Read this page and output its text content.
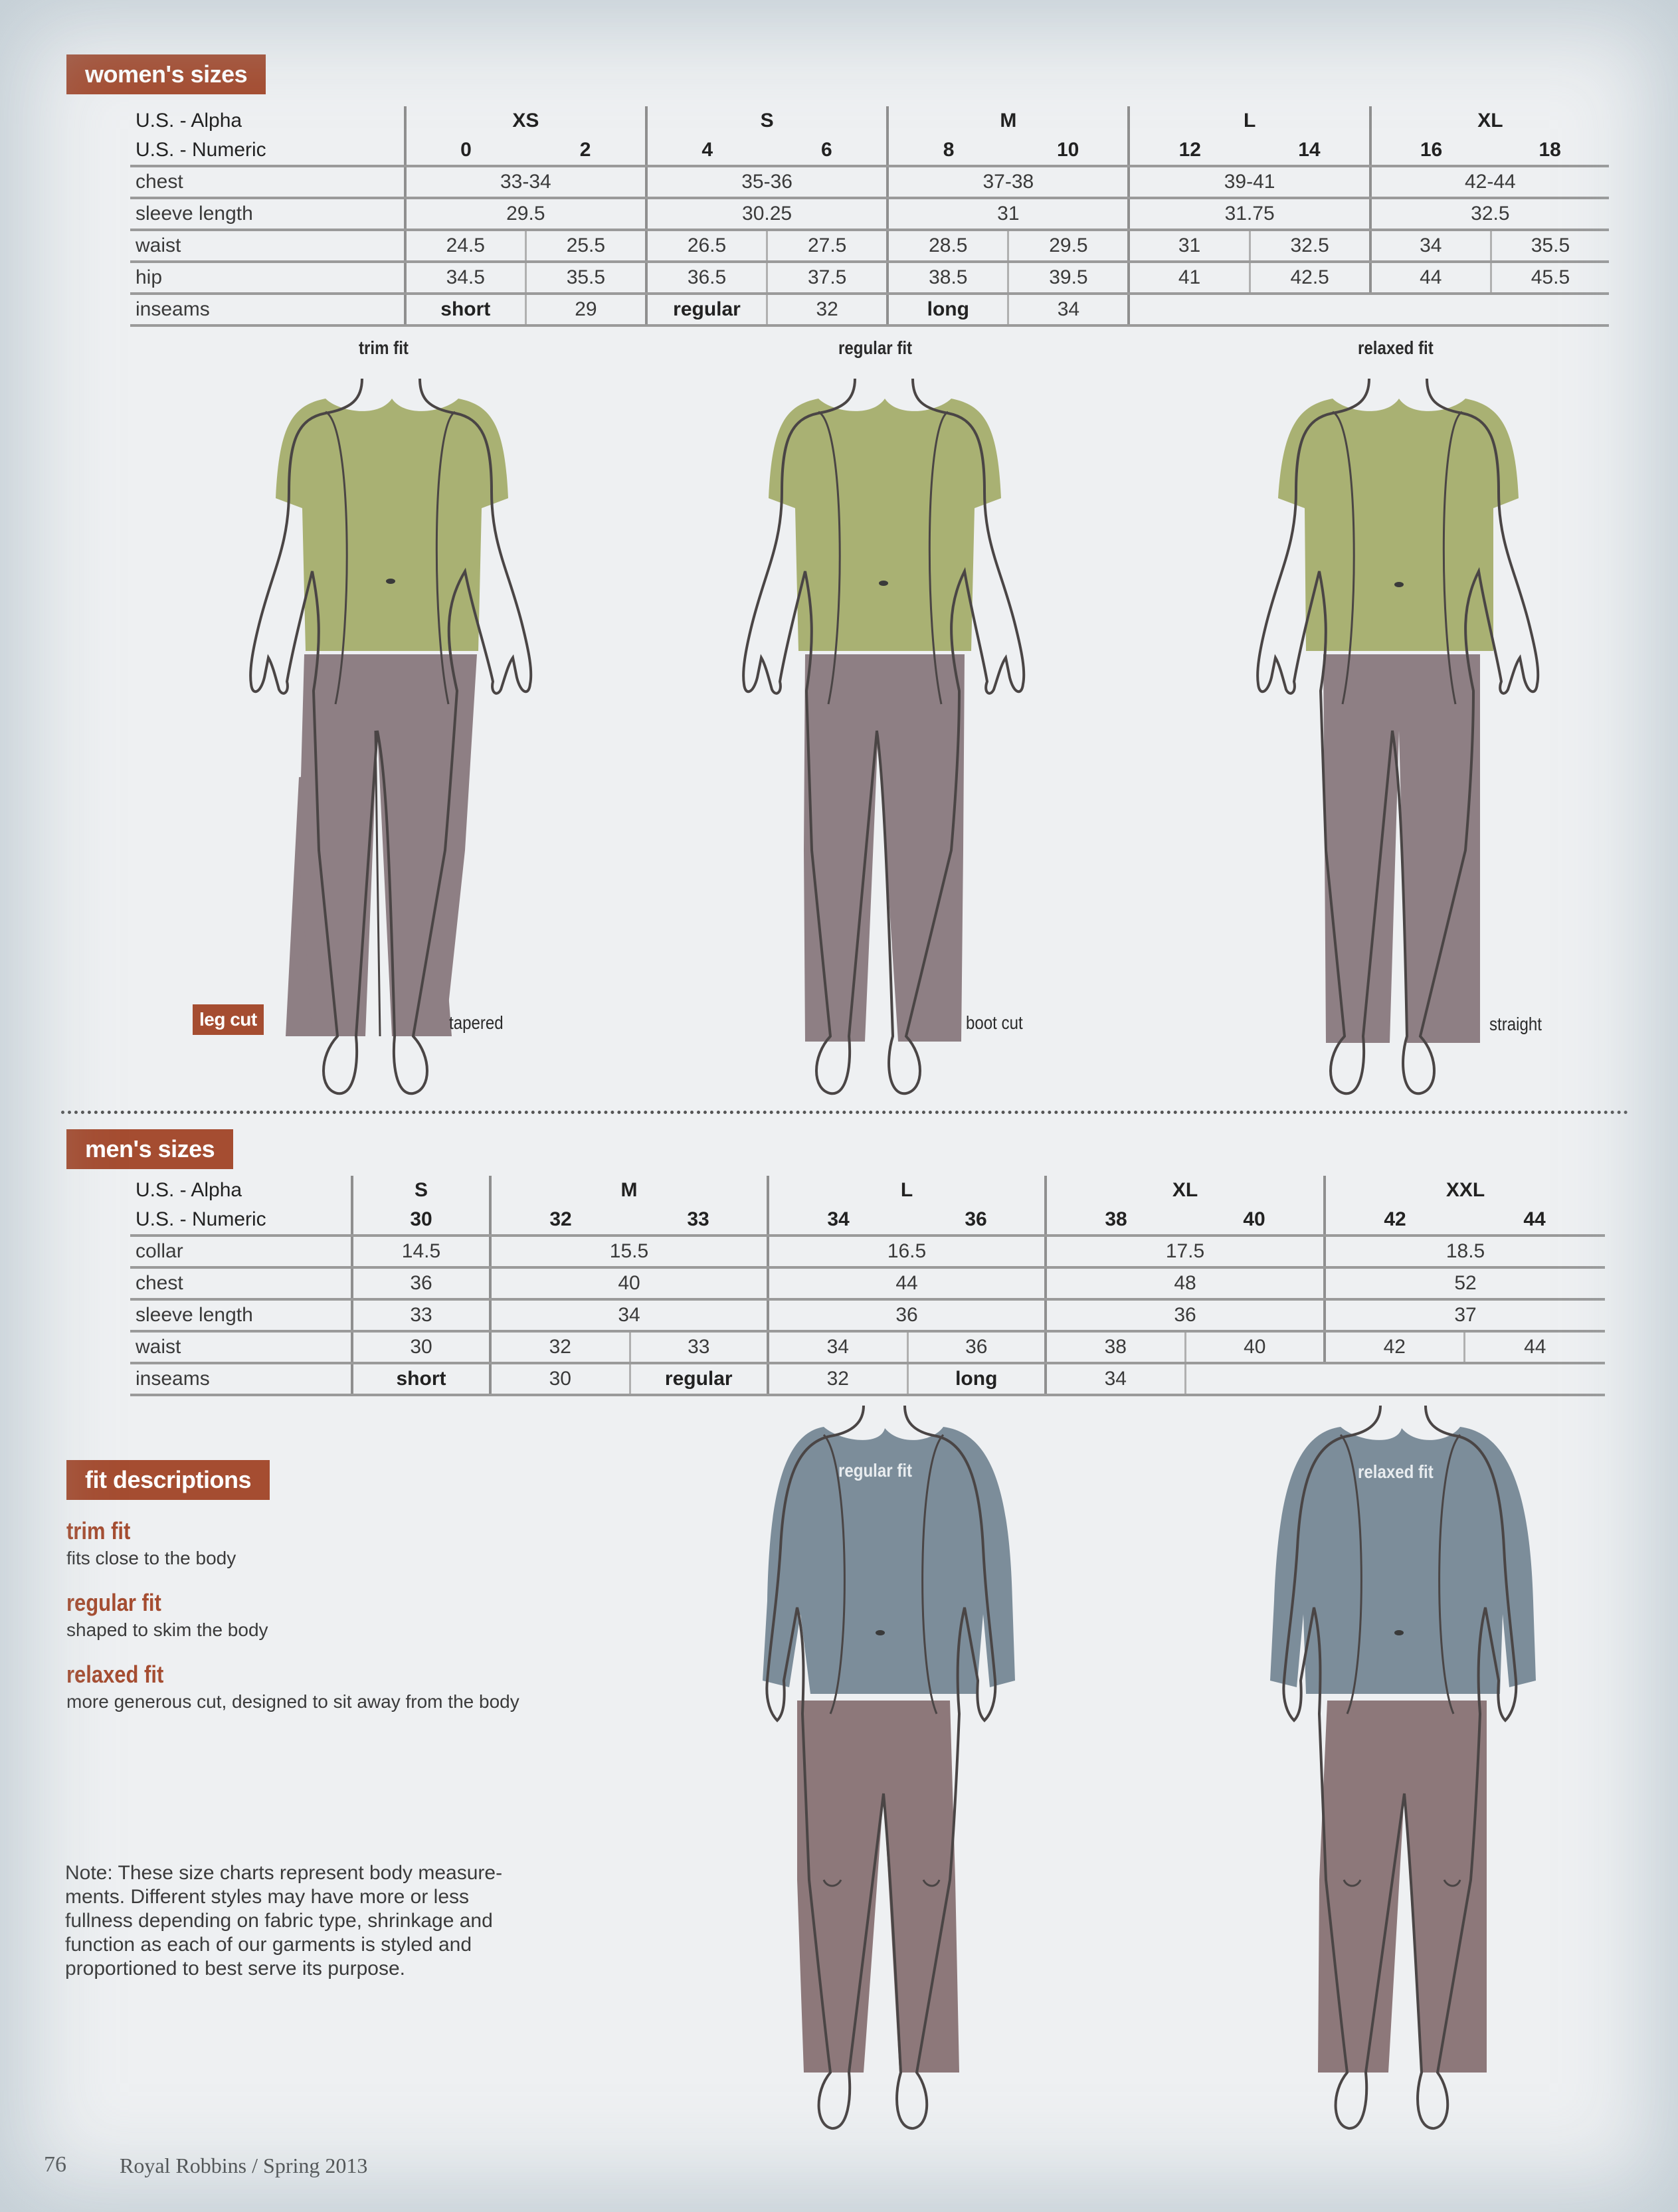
women's sizes
U.S. - Alpha	XS		S		M		L		XL	
U.S. - Numeric	0	2	4	6	8	10	12	14	16	18
chest	33-34		35-36		37-38		39-41		42-44	
sleeve length	29.5		30.25		31		31.75		32.5	
waist	24.5	25.5	26.5	27.5	28.5	29.5	31	32.5	34	35.5
hip	34.5	35.5	36.5	37.5	38.5	39.5	41	42.5	44	45.5
inseams	short	29	regular	32	long	34				
trim fit	regular fit	relaxed fit
leg cut	tapered	boot cut	straight
men's sizes
U.S. - Alpha	S	M		L		XL		XXL	
U.S. - Numeric	30	32	33	34	36	38	40	42	44
collar	14.5	15.5		16.5		17.5		18.5	
chest	36	40		44		48		52	
sleeve length	33	34		36		36		37	
waist	30	32	33	34	36	38	40	42	44
inseams	short	30	regular	32	long	34			
fit descriptions
trim fit
fits close to the body
regular fit
shaped to skim the body
relaxed fit
more generous cut, designed to sit away from the body
Note: These size charts represent body measure- ments. Different styles may have more or less fullness depending on fabric type, shrinkage and function as each of our garments is styled and proportioned to best serve its purpose.
regular fit	relaxed fit
76	Royal Robbins / Spring 2013
